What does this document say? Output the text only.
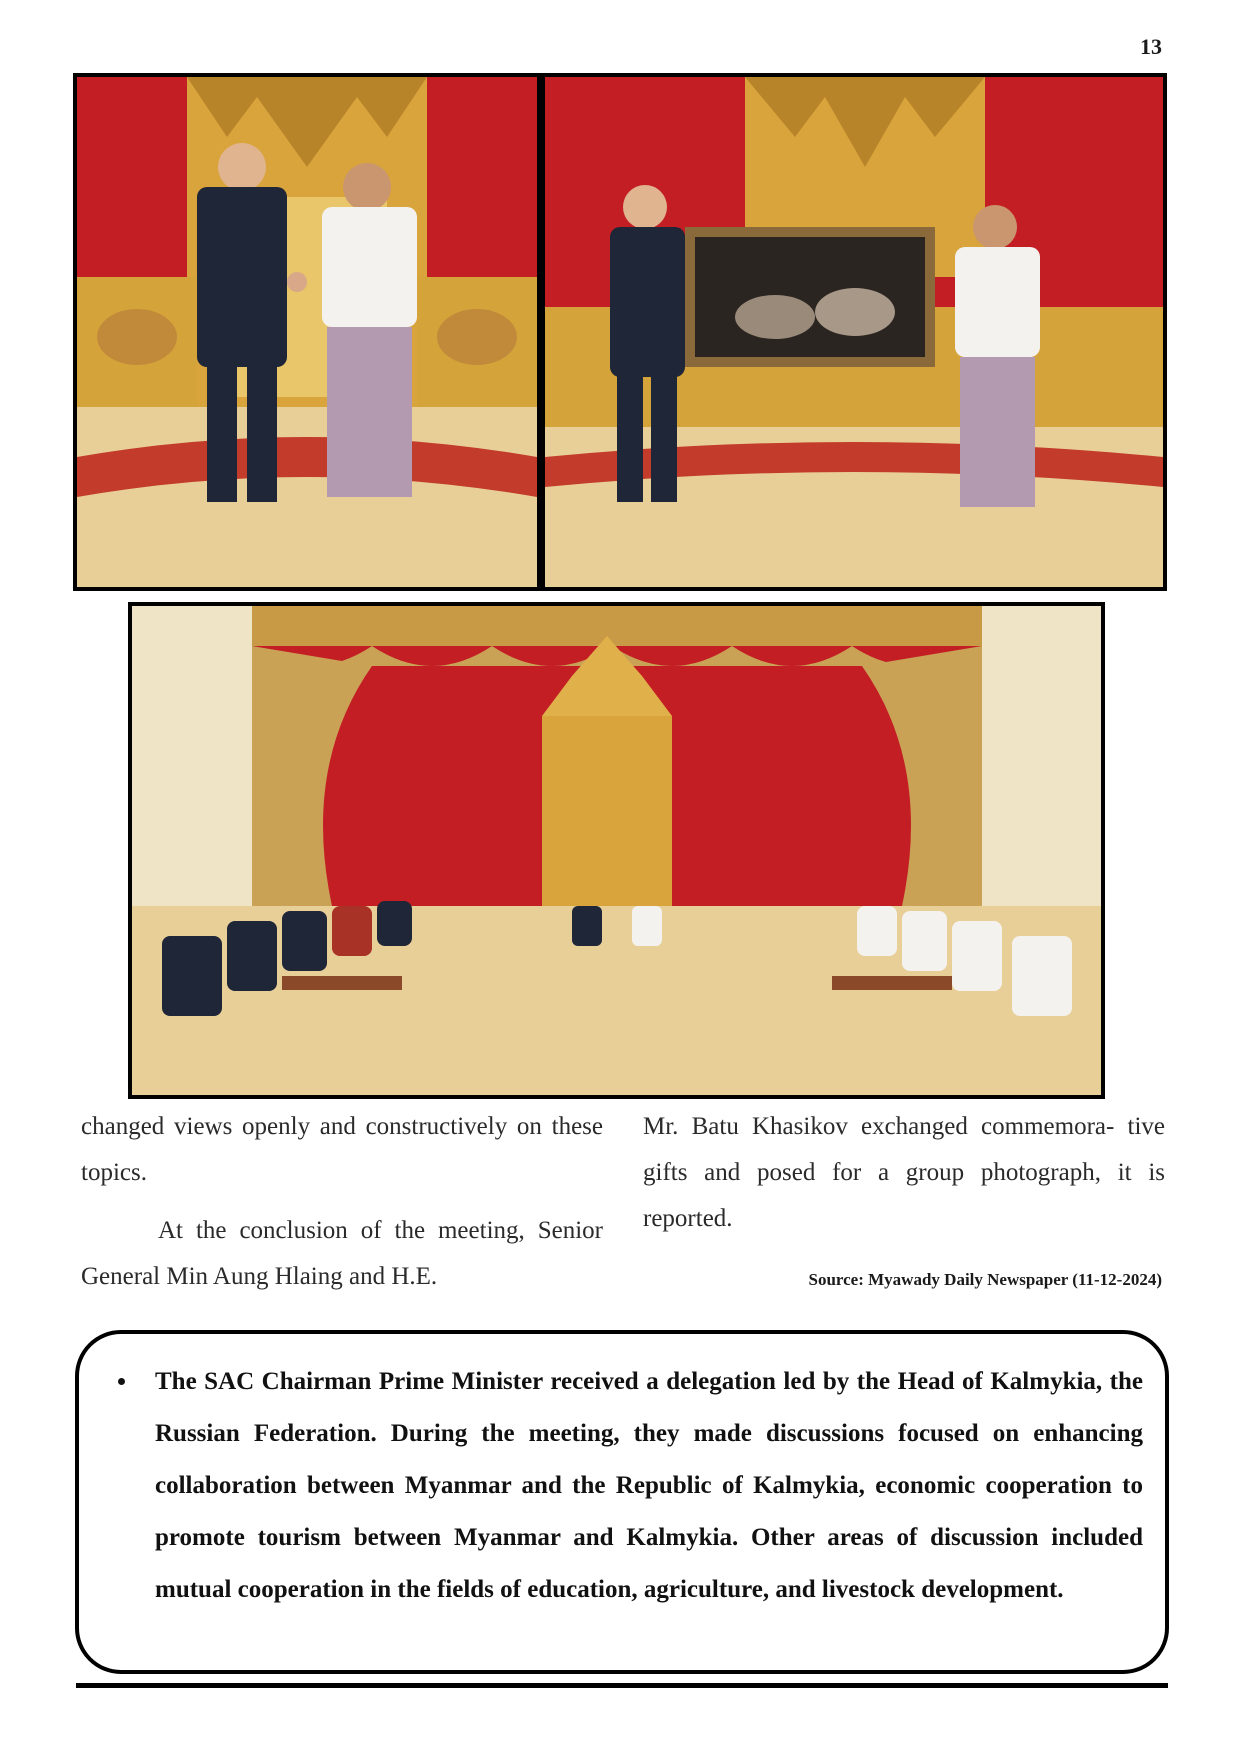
13

changed views openly and constructively on these topics.

At the conclusion of the meeting, Senior General Min Aung Hlaing and H.E.

Mr. Batu Khasikov exchanged commemora- tive gifts and posed for a group photograph, it is reported.

Source: Myawady Daily Newspaper (11-12-2024)
• The SAC Chairman Prime Minister received a delegation led by the Head of Kalmykia, the Russian Federation. During the meeting, they made discussions focused on enhancing collaboration between Myanmar and the Republic of Kalmykia, economic cooperation to promote tourism between Myanmar and Kalmykia. Other areas of discussion included mutual cooperation in the fields of education, agriculture, and livestock development.
